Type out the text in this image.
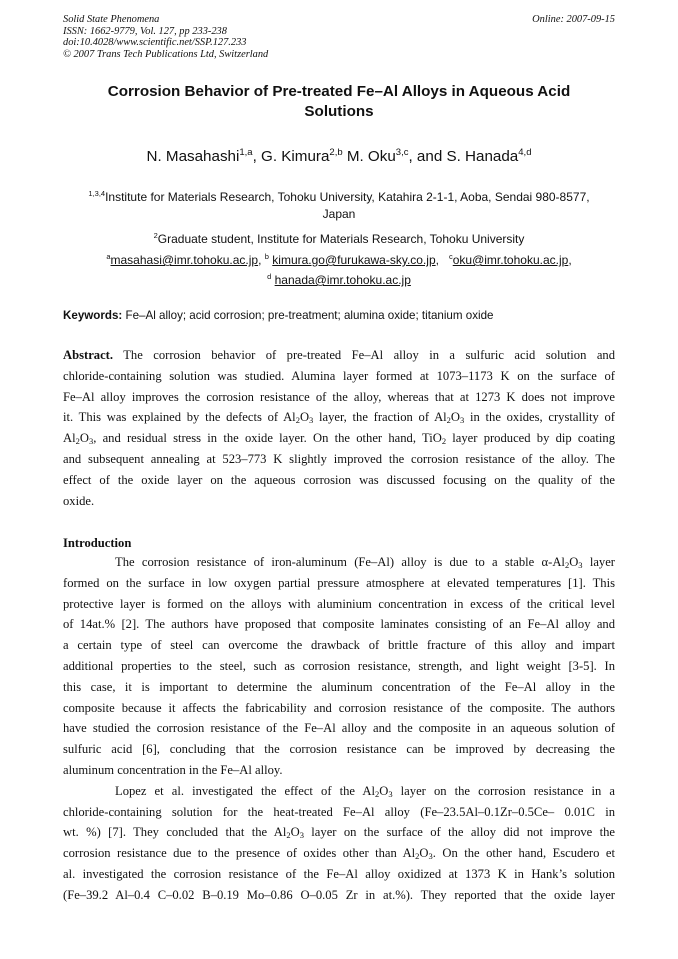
Solid State Phenomena
ISSN: 1662-9779, Vol. 127, pp 233-238
doi:10.4028/www.scientific.net/SSP.127.233
© 2007 Trans Tech Publications Ltd, Switzerland
Online: 2007-09-15
Corrosion Behavior of Pre-treated Fe–Al Alloys in Aqueous Acid
Solutions
N. Masahashi$^{1,a}$, G. Kimura$^{2,b}$ M. Oku$^{3,c}$, and S. Hanada$^{4,d}$
$^{1,3,4}$Institute for Materials Research, Tohoku University, Katahira 2-1-1, Aoba, Sendai 980-8577,
Japan
$^2$Graduate student, Institute for Materials Research, Tohoku University
$^a$masahasi@imr.tohoku.ac.jp, $^b$ kimura.go@furukawa-sky.co.jp,   $^c$oku@imr.tohoku.ac.jp,
$^d$ hanada@imr.tohoku.ac.jp
Keywords: Fe–Al alloy; acid corrosion; pre-treatment; alumina oxide; titanium oxide
Abstract. The corrosion behavior of pre-treated Fe–Al alloy in a sulfuric acid solution and
chloride-containing solution was studied. Alumina layer formed at 1073–1173 K on the surface of
Fe–Al alloy improves the corrosion resistance of the alloy, whereas that at 1273 K does not improve
it. This was explained by the defects of $Al_2O_3$ layer, the fraction of $Al_2O_3$ in the oxides, crystallity of
$Al_2O_3$, and residual stress in the oxide layer. On the other hand, TiO$_2$ layer produced by dip coating
and subsequent annealing at 523–773 K slightly improved the corrosion resistance of the alloy. The
effect of the oxide layer on the aqueous corrosion was discussed focusing on the quality of the
oxide.
Introduction
The corrosion resistance of iron-aluminum (Fe–Al) alloy is due to a stable $\alpha-Al_2O_3$ layer
formed on the surface in low oxygen partial pressure atmosphere at elevated temperatures [1]. This
protective layer is formed on the alloys with aluminium concentration in excess of the critical level
of 14at.% [2]. The authors have proposed that composite laminates consisting of an Fe–Al alloy and
a certain type of steel can overcome the drawback of brittle fracture of this alloy and impart
additional properties to the steel, such as corrosion resistance, strength, and light weight [3-5]. In
this case, it is important to determine the aluminum concentration of the Fe–Al alloy in the
composite because it affects the fabricability and corrosion resistance of the composite. The authors
have studied the corrosion resistance of the Fe–Al alloy and the composite in an aqueous solution of
sulfuric acid [6], concluding that the corrosion resistance can be improved by decreasing the
aluminum concentration in the Fe–Al alloy.
Lopez et al. investigated the effect of the $Al_2O_3$ layer on the corrosion resistance in a
chloride-containing solution for the heat-treated Fe–Al alloy (Fe–23.5Al–0.1Zr–0.5Ce– 0.01C in
wt. %) [7]. They concluded that the $Al_2O_3$ layer on the surface of the alloy did not improve the
corrosion resistance due to the presence of oxides other than $Al_2O_3$. On the other hand, Escudero et
al. investigated the corrosion resistance of the Fe–Al alloy oxidized at 1373 K in Hank’s solution
(Fe–39.2 Al–0.4 C–0.02 B–0.19 Mo–0.86 O–0.05 Zr in at.%). They reported that the oxide layer
